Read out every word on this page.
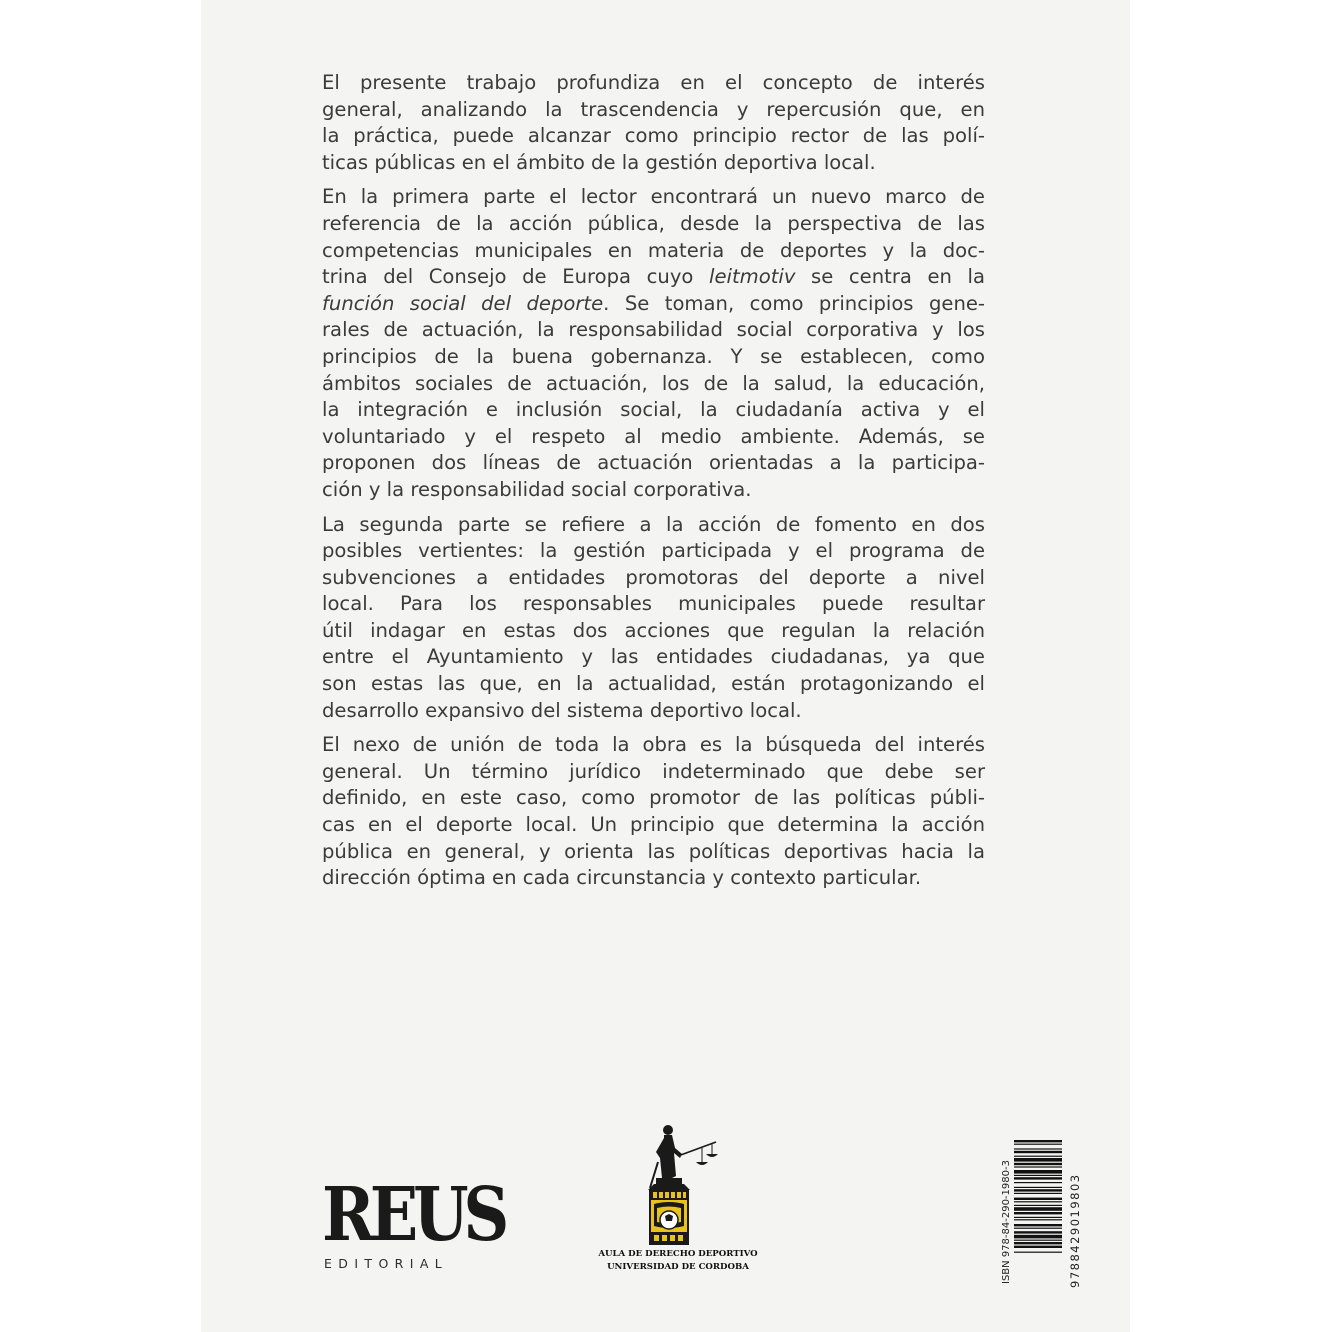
El presente trabajo profundiza en el concepto de interés
general, analizando la trascendencia y repercusión que, en
la práctica, puede alcanzar como principio rector de las polí-
ticas públicas en el ámbito de la gestión deportiva local.

En la primera parte el lector encontrará un nuevo marco de
referencia de la acción pública, desde la perspectiva de las
competencias municipales en materia de deportes y la doc-
trina del Consejo de Europa cuyo leitmotiv se centra en la
función social del deporte. Se toman, como principios gene-
rales de actuación, la responsabilidad social corporativa y los
principios de la buena gobernanza. Y se establecen, como
ámbitos sociales de actuación, los de la salud, la educación,
la integración e inclusión social, la ciudadanía activa y el
voluntariado y el respeto al medio ambiente. Además, se
proponen dos líneas de actuación orientadas a la participa-
ción y la responsabilidad social corporativa.

La segunda parte se refiere a la acción de fomento en dos
posibles vertientes: la gestión participada y el programa de
subvenciones a entidades promotoras del deporte a nivel
local. Para los responsables municipales puede resultar
útil indagar en estas dos acciones que regulan la relación
entre el Ayuntamiento y las entidades ciudadanas, ya que
son estas las que, en la actualidad, están protagonizando el
desarrollo expansivo del sistema deportivo local.

El nexo de unión de toda la obra es la búsqueda del interés
general. Un término jurídico indeterminado que debe ser
definido, en este caso, como promotor de las políticas públi-
cas en el deporte local. Un principio que determina la acción
pública en general, y orienta las políticas deportivas hacia la
dirección óptima en cada circunstancia y contexto particular.

REUS
EDITORIAL
AULA DE DERECHO DEPORTIVO
UNIVERSIDAD DE CORDOBA	ISBN 978-84-290-1980-3	9788429019803
